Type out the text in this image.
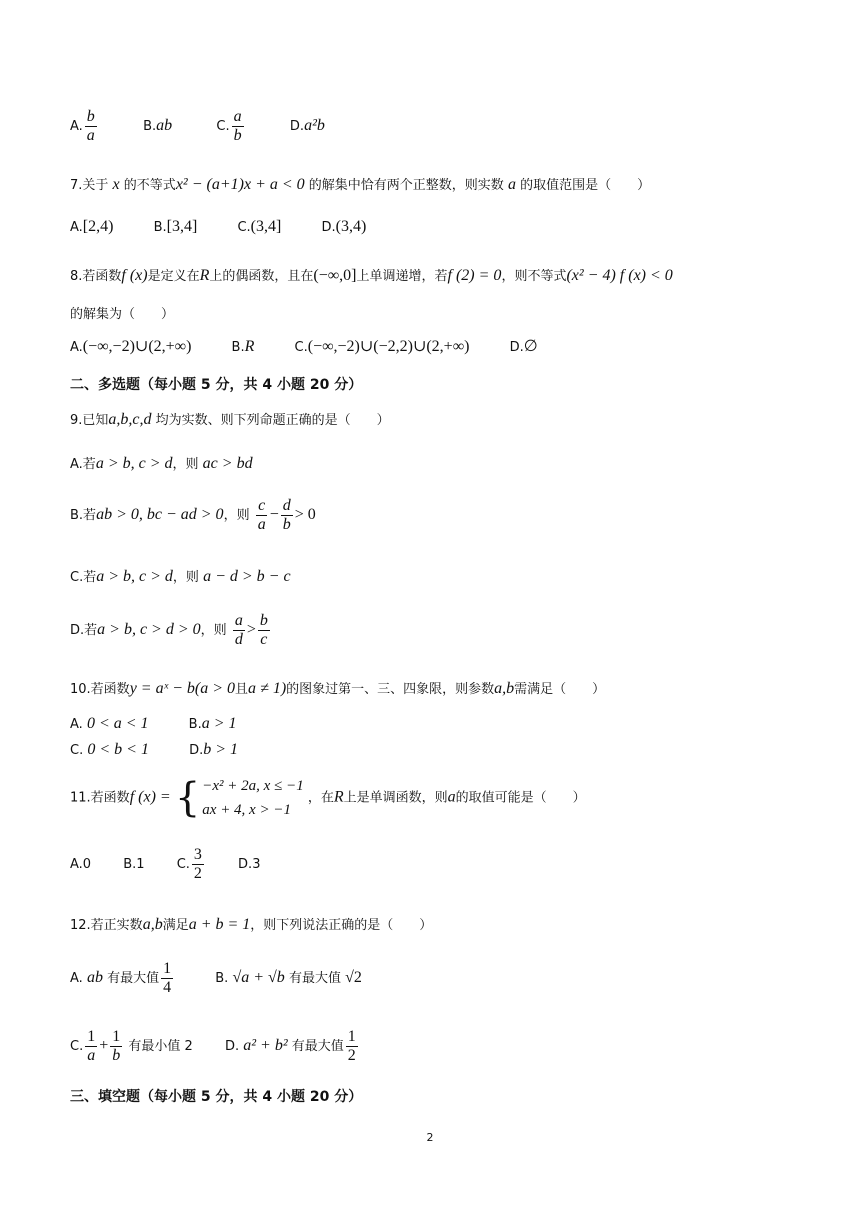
A. $\frac{b}{a}$	B.ab	C. $\frac{a}{b}$	D.a²b
7.关于 x 的不等式x² − (a+1)x + a < 0 的解集中恰有两个正整数，则实数 a 的取值范围是（　　）
A.[2,4)	B.[3,4]	C.(3,4]	D.(3,4)
8.若函数f (x)是定义在R上的偶函数，且在(−∞,0]上单调递增，若f (2) = 0，则不等式(x² − 4) f (x) < 0
的解集为（　　）
A.(−∞,−2)∪(2,+∞)	B.R	C.(−∞,−2)∪(−2,2)∪(2,+∞)	D.∅
二、多选题（每小题 5 分，共 4 小题 20 分）
9.已知a,b,c,d 均为实数、则下列命题正确的是（　　）
A.若a > b, c > d，则 ac > bd
B.若ab > 0, bc − ad > 0，则 $\frac{c}{a} - \frac{d}{b} > 0$
C.若a > b, c > d，则 a − d > b − c
D.若a > b, c > d > 0，则 $\frac{a}{d} > \frac{b}{c}$
10.若函数y = aˣ − b(a > 0且a ≠ 1)的图象过第一、三、四象限，则参数a,b需满足（　　）
A. 0 < a < 1	B.a > 1
C. 0 < b < 1	D.b > 1
11.若函数f (x) = { −x² + 2a, x ≤ −1
ax + 4, x > −1
，在R上是单调函数，则a的取值可能是（　　）
A.0 B.1 C. $\frac{3}{2}$	D.3
12.若正实数a,b满足a + b = 1，则下列说法正确的是（　　）
A. ab 有最大值 $\frac{1}{4}$	B. √a + √b 有最大值 √2
C. $\frac{1}{a} + \frac{1}{b}$ 有最小值 2 D. a² + b² 有最大值 $\frac{1}{2}$
三、填空题（每小题 5 分，共 4 小题 20 分）
2
